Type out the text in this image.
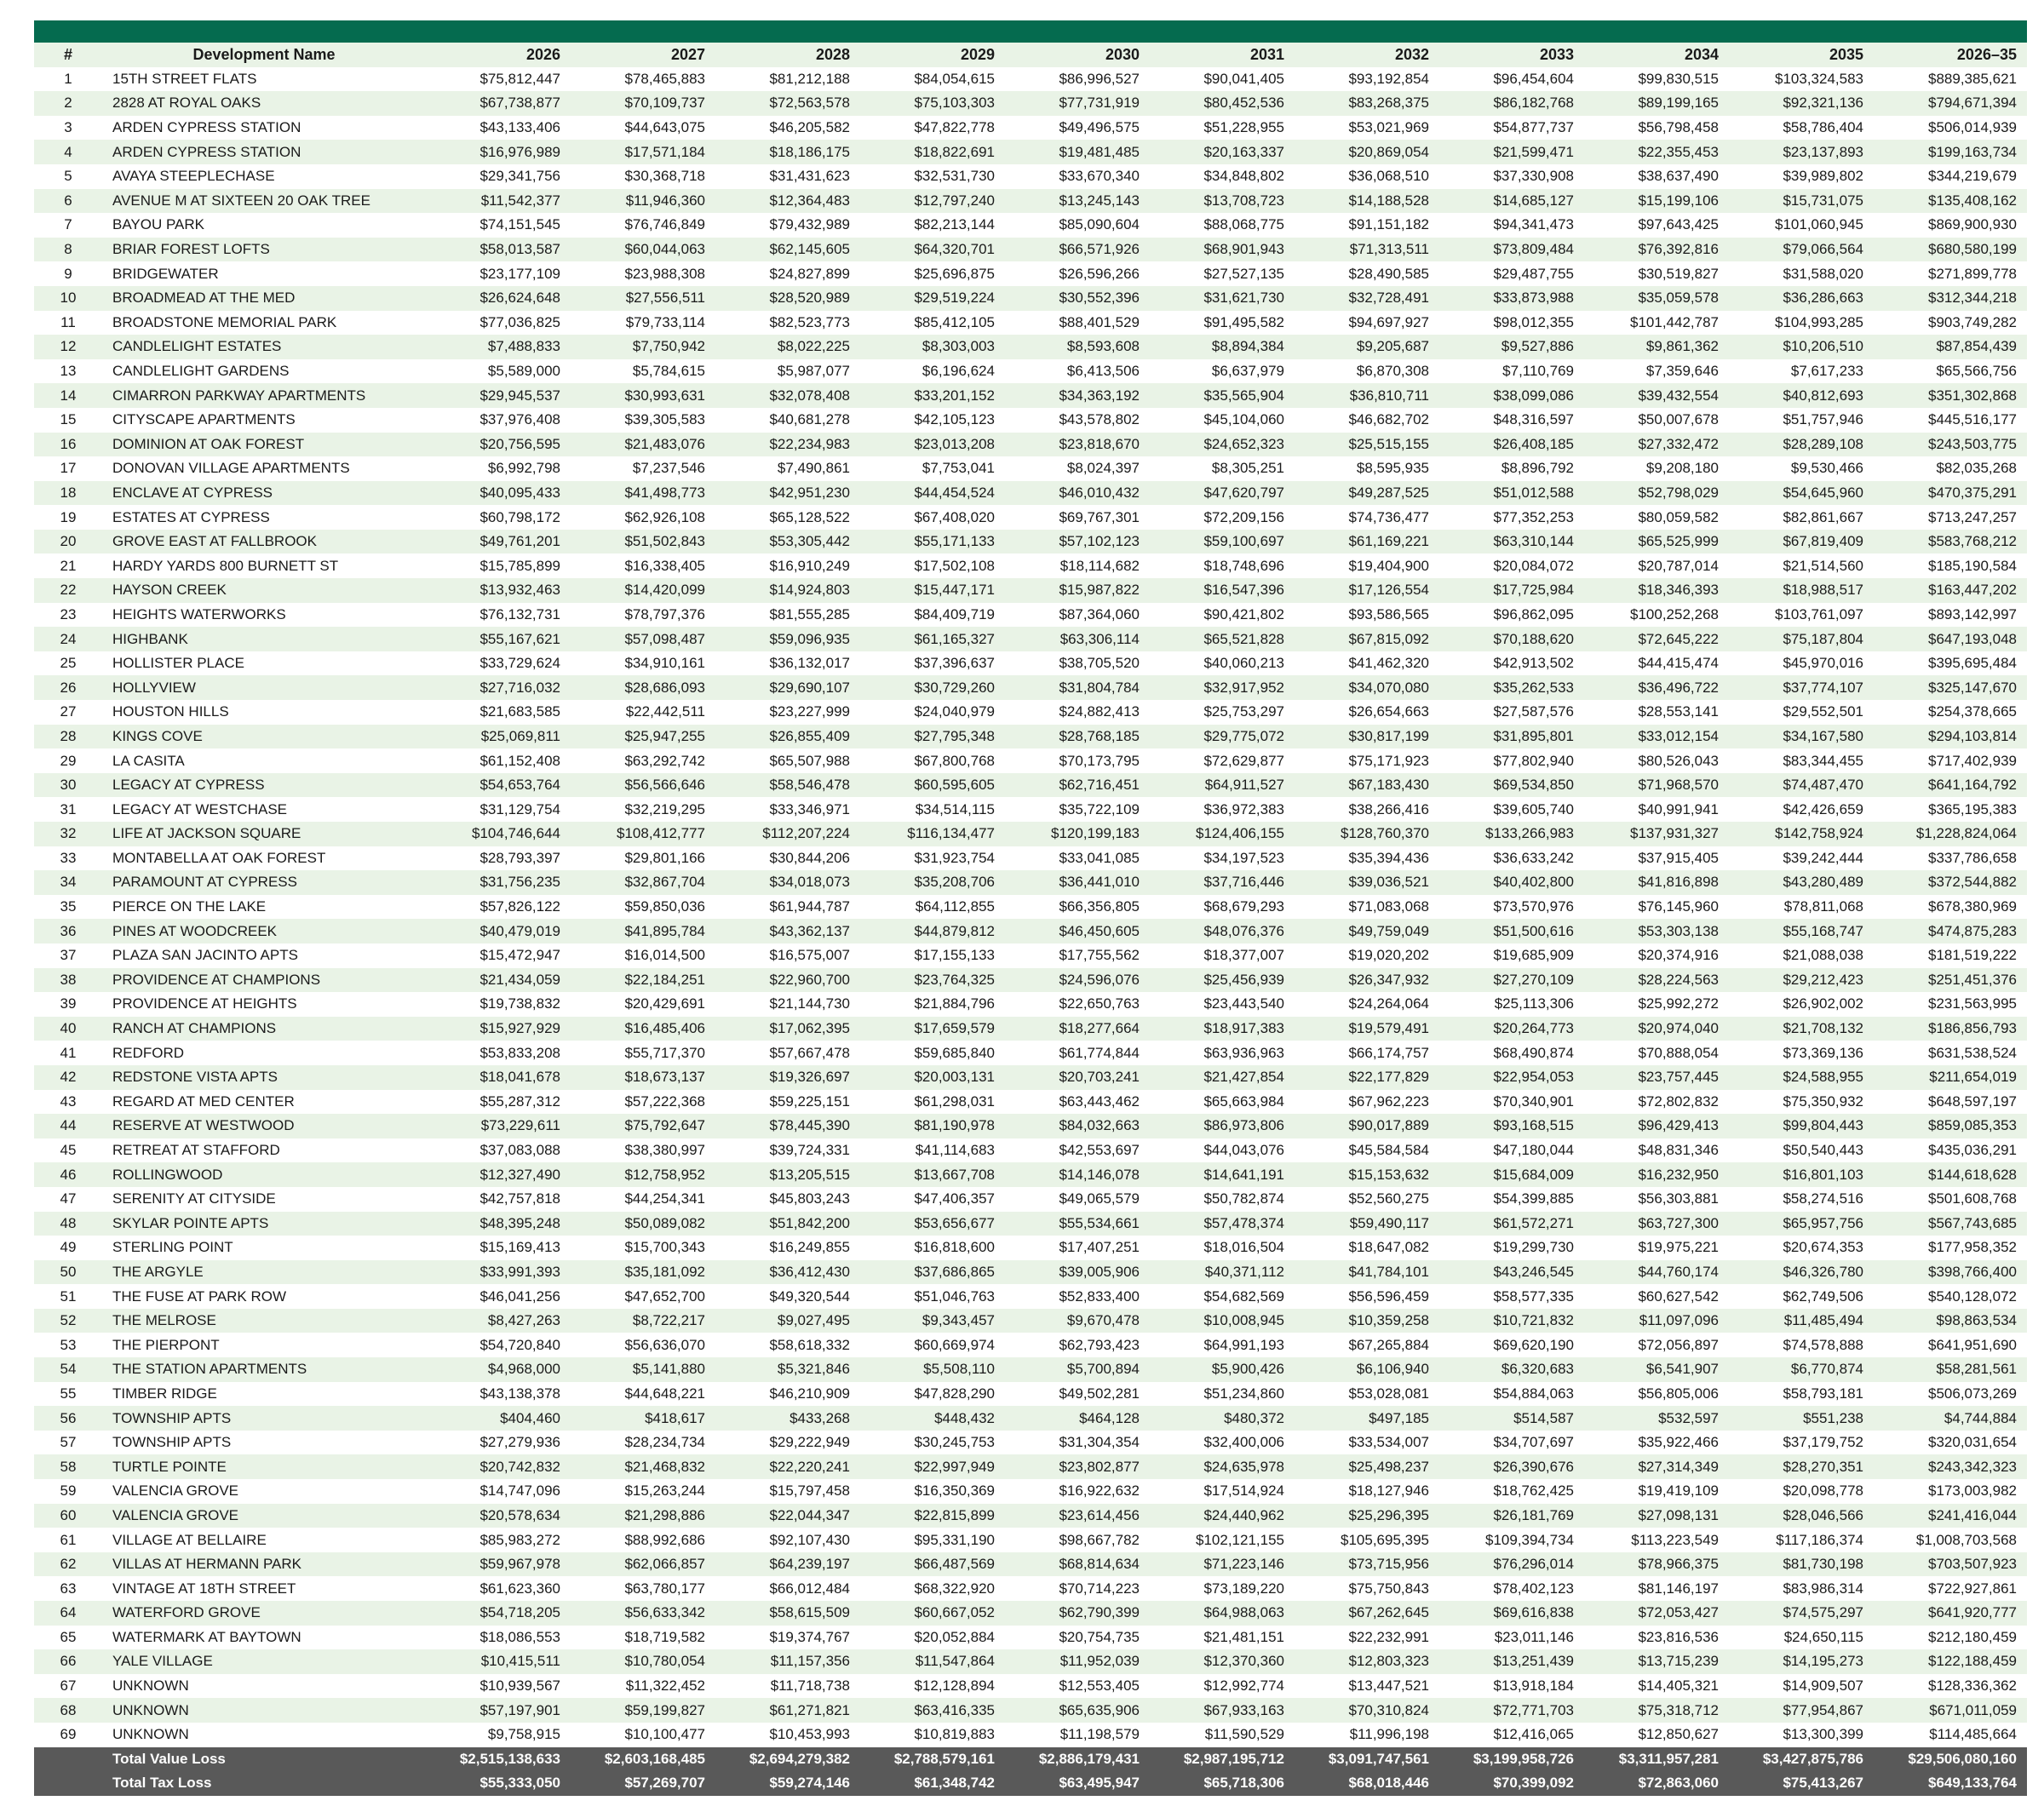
#	Development Name	2026	2027	2028	2029	2030	2031	2032	2033	2034	2035	2026–35
1	15TH STREET FLATS	$75,812,447	$78,465,883	$81,212,188	$84,054,615	$86,996,527	$90,041,405	$93,192,854	$96,454,604	$99,830,515	$103,324,583	$889,385,621
2	2828 AT ROYAL OAKS	$67,738,877	$70,109,737	$72,563,578	$75,103,303	$77,731,919	$80,452,536	$83,268,375	$86,182,768	$89,199,165	$92,321,136	$794,671,394
3	ARDEN CYPRESS STATION	$43,133,406	$44,643,075	$46,205,582	$47,822,778	$49,496,575	$51,228,955	$53,021,969	$54,877,737	$56,798,458	$58,786,404	$506,014,939
4	ARDEN CYPRESS STATION	$16,976,989	$17,571,184	$18,186,175	$18,822,691	$19,481,485	$20,163,337	$20,869,054	$21,599,471	$22,355,453	$23,137,893	$199,163,734
5	AVAYA STEEPLECHASE	$29,341,756	$30,368,718	$31,431,623	$32,531,730	$33,670,340	$34,848,802	$36,068,510	$37,330,908	$38,637,490	$39,989,802	$344,219,679
6	AVENUE M AT SIXTEEN 20 OAK TREE	$11,542,377	$11,946,360	$12,364,483	$12,797,240	$13,245,143	$13,708,723	$14,188,528	$14,685,127	$15,199,106	$15,731,075	$135,408,162
7	BAYOU PARK	$74,151,545	$76,746,849	$79,432,989	$82,213,144	$85,090,604	$88,068,775	$91,151,182	$94,341,473	$97,643,425	$101,060,945	$869,900,930
8	BRIAR FOREST LOFTS	$58,013,587	$60,044,063	$62,145,605	$64,320,701	$66,571,926	$68,901,943	$71,313,511	$73,809,484	$76,392,816	$79,066,564	$680,580,199
9	BRIDGEWATER	$23,177,109	$23,988,308	$24,827,899	$25,696,875	$26,596,266	$27,527,135	$28,490,585	$29,487,755	$30,519,827	$31,588,020	$271,899,778
10	BROADMEAD AT THE MED	$26,624,648	$27,556,511	$28,520,989	$29,519,224	$30,552,396	$31,621,730	$32,728,491	$33,873,988	$35,059,578	$36,286,663	$312,344,218
11	BROADSTONE MEMORIAL PARK	$77,036,825	$79,733,114	$82,523,773	$85,412,105	$88,401,529	$91,495,582	$94,697,927	$98,012,355	$101,442,787	$104,993,285	$903,749,282
12	CANDLELIGHT ESTATES	$7,488,833	$7,750,942	$8,022,225	$8,303,003	$8,593,608	$8,894,384	$9,205,687	$9,527,886	$9,861,362	$10,206,510	$87,854,439
13	CANDLELIGHT GARDENS	$5,589,000	$5,784,615	$5,987,077	$6,196,624	$6,413,506	$6,637,979	$6,870,308	$7,110,769	$7,359,646	$7,617,233	$65,566,756
14	CIMARRON PARKWAY APARTMENTS	$29,945,537	$30,993,631	$32,078,408	$33,201,152	$34,363,192	$35,565,904	$36,810,711	$38,099,086	$39,432,554	$40,812,693	$351,302,868
15	CITYSCAPE APARTMENTS	$37,976,408	$39,305,583	$40,681,278	$42,105,123	$43,578,802	$45,104,060	$46,682,702	$48,316,597	$50,007,678	$51,757,946	$445,516,177
16	DOMINION AT OAK FOREST	$20,756,595	$21,483,076	$22,234,983	$23,013,208	$23,818,670	$24,652,323	$25,515,155	$26,408,185	$27,332,472	$28,289,108	$243,503,775
17	DONOVAN VILLAGE APARTMENTS	$6,992,798	$7,237,546	$7,490,861	$7,753,041	$8,024,397	$8,305,251	$8,595,935	$8,896,792	$9,208,180	$9,530,466	$82,035,268
18	ENCLAVE AT CYPRESS	$40,095,433	$41,498,773	$42,951,230	$44,454,524	$46,010,432	$47,620,797	$49,287,525	$51,012,588	$52,798,029	$54,645,960	$470,375,291
19	ESTATES AT CYPRESS	$60,798,172	$62,926,108	$65,128,522	$67,408,020	$69,767,301	$72,209,156	$74,736,477	$77,352,253	$80,059,582	$82,861,667	$713,247,257
20	GROVE EAST AT FALLBROOK	$49,761,201	$51,502,843	$53,305,442	$55,171,133	$57,102,123	$59,100,697	$61,169,221	$63,310,144	$65,525,999	$67,819,409	$583,768,212
21	HARDY YARDS 800 BURNETT ST	$15,785,899	$16,338,405	$16,910,249	$17,502,108	$18,114,682	$18,748,696	$19,404,900	$20,084,072	$20,787,014	$21,514,560	$185,190,584
22	HAYSON CREEK	$13,932,463	$14,420,099	$14,924,803	$15,447,171	$15,987,822	$16,547,396	$17,126,554	$17,725,984	$18,346,393	$18,988,517	$163,447,202
23	HEIGHTS WATERWORKS	$76,132,731	$78,797,376	$81,555,285	$84,409,719	$87,364,060	$90,421,802	$93,586,565	$96,862,095	$100,252,268	$103,761,097	$893,142,997
24	HIGHBANK	$55,167,621	$57,098,487	$59,096,935	$61,165,327	$63,306,114	$65,521,828	$67,815,092	$70,188,620	$72,645,222	$75,187,804	$647,193,048
25	HOLLISTER PLACE	$33,729,624	$34,910,161	$36,132,017	$37,396,637	$38,705,520	$40,060,213	$41,462,320	$42,913,502	$44,415,474	$45,970,016	$395,695,484
26	HOLLYVIEW	$27,716,032	$28,686,093	$29,690,107	$30,729,260	$31,804,784	$32,917,952	$34,070,080	$35,262,533	$36,496,722	$37,774,107	$325,147,670
27	HOUSTON HILLS	$21,683,585	$22,442,511	$23,227,999	$24,040,979	$24,882,413	$25,753,297	$26,654,663	$27,587,576	$28,553,141	$29,552,501	$254,378,665
28	KINGS COVE	$25,069,811	$25,947,255	$26,855,409	$27,795,348	$28,768,185	$29,775,072	$30,817,199	$31,895,801	$33,012,154	$34,167,580	$294,103,814
29	LA CASITA	$61,152,408	$63,292,742	$65,507,988	$67,800,768	$70,173,795	$72,629,877	$75,171,923	$77,802,940	$80,526,043	$83,344,455	$717,402,939
30	LEGACY AT CYPRESS	$54,653,764	$56,566,646	$58,546,478	$60,595,605	$62,716,451	$64,911,527	$67,183,430	$69,534,850	$71,968,570	$74,487,470	$641,164,792
31	LEGACY AT WESTCHASE	$31,129,754	$32,219,295	$33,346,971	$34,514,115	$35,722,109	$36,972,383	$38,266,416	$39,605,740	$40,991,941	$42,426,659	$365,195,383
32	LIFE AT JACKSON SQUARE	$104,746,644	$108,412,777	$112,207,224	$116,134,477	$120,199,183	$124,406,155	$128,760,370	$133,266,983	$137,931,327	$142,758,924	$1,228,824,064
33	MONTABELLA AT OAK FOREST	$28,793,397	$29,801,166	$30,844,206	$31,923,754	$33,041,085	$34,197,523	$35,394,436	$36,633,242	$37,915,405	$39,242,444	$337,786,658
34	PARAMOUNT AT CYPRESS	$31,756,235	$32,867,704	$34,018,073	$35,208,706	$36,441,010	$37,716,446	$39,036,521	$40,402,800	$41,816,898	$43,280,489	$372,544,882
35	PIERCE ON THE LAKE	$57,826,122	$59,850,036	$61,944,787	$64,112,855	$66,356,805	$68,679,293	$71,083,068	$73,570,976	$76,145,960	$78,811,068	$678,380,969
36	PINES AT WOODCREEK	$40,479,019	$41,895,784	$43,362,137	$44,879,812	$46,450,605	$48,076,376	$49,759,049	$51,500,616	$53,303,138	$55,168,747	$474,875,283
37	PLAZA SAN JACINTO APTS	$15,472,947	$16,014,500	$16,575,007	$17,155,133	$17,755,562	$18,377,007	$19,020,202	$19,685,909	$20,374,916	$21,088,038	$181,519,222
38	PROVIDENCE AT CHAMPIONS	$21,434,059	$22,184,251	$22,960,700	$23,764,325	$24,596,076	$25,456,939	$26,347,932	$27,270,109	$28,224,563	$29,212,423	$251,451,376
39	PROVIDENCE AT HEIGHTS	$19,738,832	$20,429,691	$21,144,730	$21,884,796	$22,650,763	$23,443,540	$24,264,064	$25,113,306	$25,992,272	$26,902,002	$231,563,995
40	RANCH AT CHAMPIONS	$15,927,929	$16,485,406	$17,062,395	$17,659,579	$18,277,664	$18,917,383	$19,579,491	$20,264,773	$20,974,040	$21,708,132	$186,856,793
41	REDFORD	$53,833,208	$55,717,370	$57,667,478	$59,685,840	$61,774,844	$63,936,963	$66,174,757	$68,490,874	$70,888,054	$73,369,136	$631,538,524
42	REDSTONE VISTA APTS	$18,041,678	$18,673,137	$19,326,697	$20,003,131	$20,703,241	$21,427,854	$22,177,829	$22,954,053	$23,757,445	$24,588,955	$211,654,019
43	REGARD AT MED CENTER	$55,287,312	$57,222,368	$59,225,151	$61,298,031	$63,443,462	$65,663,984	$67,962,223	$70,340,901	$72,802,832	$75,350,932	$648,597,197
44	RESERVE AT WESTWOOD	$73,229,611	$75,792,647	$78,445,390	$81,190,978	$84,032,663	$86,973,806	$90,017,889	$93,168,515	$96,429,413	$99,804,443	$859,085,353
45	RETREAT AT STAFFORD	$37,083,088	$38,380,997	$39,724,331	$41,114,683	$42,553,697	$44,043,076	$45,584,584	$47,180,044	$48,831,346	$50,540,443	$435,036,291
46	ROLLINGWOOD	$12,327,490	$12,758,952	$13,205,515	$13,667,708	$14,146,078	$14,641,191	$15,153,632	$15,684,009	$16,232,950	$16,801,103	$144,618,628
47	SERENITY AT CITYSIDE	$42,757,818	$44,254,341	$45,803,243	$47,406,357	$49,065,579	$50,782,874	$52,560,275	$54,399,885	$56,303,881	$58,274,516	$501,608,768
48	SKYLAR POINTE APTS	$48,395,248	$50,089,082	$51,842,200	$53,656,677	$55,534,661	$57,478,374	$59,490,117	$61,572,271	$63,727,300	$65,957,756	$567,743,685
49	STERLING POINT	$15,169,413	$15,700,343	$16,249,855	$16,818,600	$17,407,251	$18,016,504	$18,647,082	$19,299,730	$19,975,221	$20,674,353	$177,958,352
50	THE ARGYLE	$33,991,393	$35,181,092	$36,412,430	$37,686,865	$39,005,906	$40,371,112	$41,784,101	$43,246,545	$44,760,174	$46,326,780	$398,766,400
51	THE FUSE AT PARK ROW	$46,041,256	$47,652,700	$49,320,544	$51,046,763	$52,833,400	$54,682,569	$56,596,459	$58,577,335	$60,627,542	$62,749,506	$540,128,072
52	THE MELROSE	$8,427,263	$8,722,217	$9,027,495	$9,343,457	$9,670,478	$10,008,945	$10,359,258	$10,721,832	$11,097,096	$11,485,494	$98,863,534
53	THE PIERPONT	$54,720,840	$56,636,070	$58,618,332	$60,669,974	$62,793,423	$64,991,193	$67,265,884	$69,620,190	$72,056,897	$74,578,888	$641,951,690
54	THE STATION APARTMENTS	$4,968,000	$5,141,880	$5,321,846	$5,508,110	$5,700,894	$5,900,426	$6,106,940	$6,320,683	$6,541,907	$6,770,874	$58,281,561
55	TIMBER RIDGE	$43,138,378	$44,648,221	$46,210,909	$47,828,290	$49,502,281	$51,234,860	$53,028,081	$54,884,063	$56,805,006	$58,793,181	$506,073,269
56	TOWNSHIP APTS	$404,460	$418,617	$433,268	$448,432	$464,128	$480,372	$497,185	$514,587	$532,597	$551,238	$4,744,884
57	TOWNSHIP APTS	$27,279,936	$28,234,734	$29,222,949	$30,245,753	$31,304,354	$32,400,006	$33,534,007	$34,707,697	$35,922,466	$37,179,752	$320,031,654
58	TURTLE POINTE	$20,742,832	$21,468,832	$22,220,241	$22,997,949	$23,802,877	$24,635,978	$25,498,237	$26,390,676	$27,314,349	$28,270,351	$243,342,323
59	VALENCIA GROVE	$14,747,096	$15,263,244	$15,797,458	$16,350,369	$16,922,632	$17,514,924	$18,127,946	$18,762,425	$19,419,109	$20,098,778	$173,003,982
60	VALENCIA GROVE	$20,578,634	$21,298,886	$22,044,347	$22,815,899	$23,614,456	$24,440,962	$25,296,395	$26,181,769	$27,098,131	$28,046,566	$241,416,044
61	VILLAGE AT BELLAIRE	$85,983,272	$88,992,686	$92,107,430	$95,331,190	$98,667,782	$102,121,155	$105,695,395	$109,394,734	$113,223,549	$117,186,374	$1,008,703,568
62	VILLAS AT HERMANN PARK	$59,967,978	$62,066,857	$64,239,197	$66,487,569	$68,814,634	$71,223,146	$73,715,956	$76,296,014	$78,966,375	$81,730,198	$703,507,923
63	VINTAGE AT 18TH STREET	$61,623,360	$63,780,177	$66,012,484	$68,322,920	$70,714,223	$73,189,220	$75,750,843	$78,402,123	$81,146,197	$83,986,314	$722,927,861
64	WATERFORD GROVE	$54,718,205	$56,633,342	$58,615,509	$60,667,052	$62,790,399	$64,988,063	$67,262,645	$69,616,838	$72,053,427	$74,575,297	$641,920,777
65	WATERMARK AT BAYTOWN	$18,086,553	$18,719,582	$19,374,767	$20,052,884	$20,754,735	$21,481,151	$22,232,991	$23,011,146	$23,816,536	$24,650,115	$212,180,459
66	YALE VILLAGE	$10,415,511	$10,780,054	$11,157,356	$11,547,864	$11,952,039	$12,370,360	$12,803,323	$13,251,439	$13,715,239	$14,195,273	$122,188,459
67	UNKNOWN	$10,939,567	$11,322,452	$11,718,738	$12,128,894	$12,553,405	$12,992,774	$13,447,521	$13,918,184	$14,405,321	$14,909,507	$128,336,362
68	UNKNOWN	$57,197,901	$59,199,827	$61,271,821	$63,416,335	$65,635,906	$67,933,163	$70,310,824	$72,771,703	$75,318,712	$77,954,867	$671,011,059
69	UNKNOWN	$9,758,915	$10,100,477	$10,453,993	$10,819,883	$11,198,579	$11,590,529	$11,996,198	$12,416,065	$12,850,627	$13,300,399	$114,485,664
	Total Value Loss	$2,515,138,633	$2,603,168,485	$2,694,279,382	$2,788,579,161	$2,886,179,431	$2,987,195,712	$3,091,747,561	$3,199,958,726	$3,311,957,281	$3,427,875,786	$29,506,080,160
	Total Tax Loss	$55,333,050	$57,269,707	$59,274,146	$61,348,742	$63,495,947	$65,718,306	$68,018,446	$70,399,092	$72,863,060	$75,413,267	$649,133,764
